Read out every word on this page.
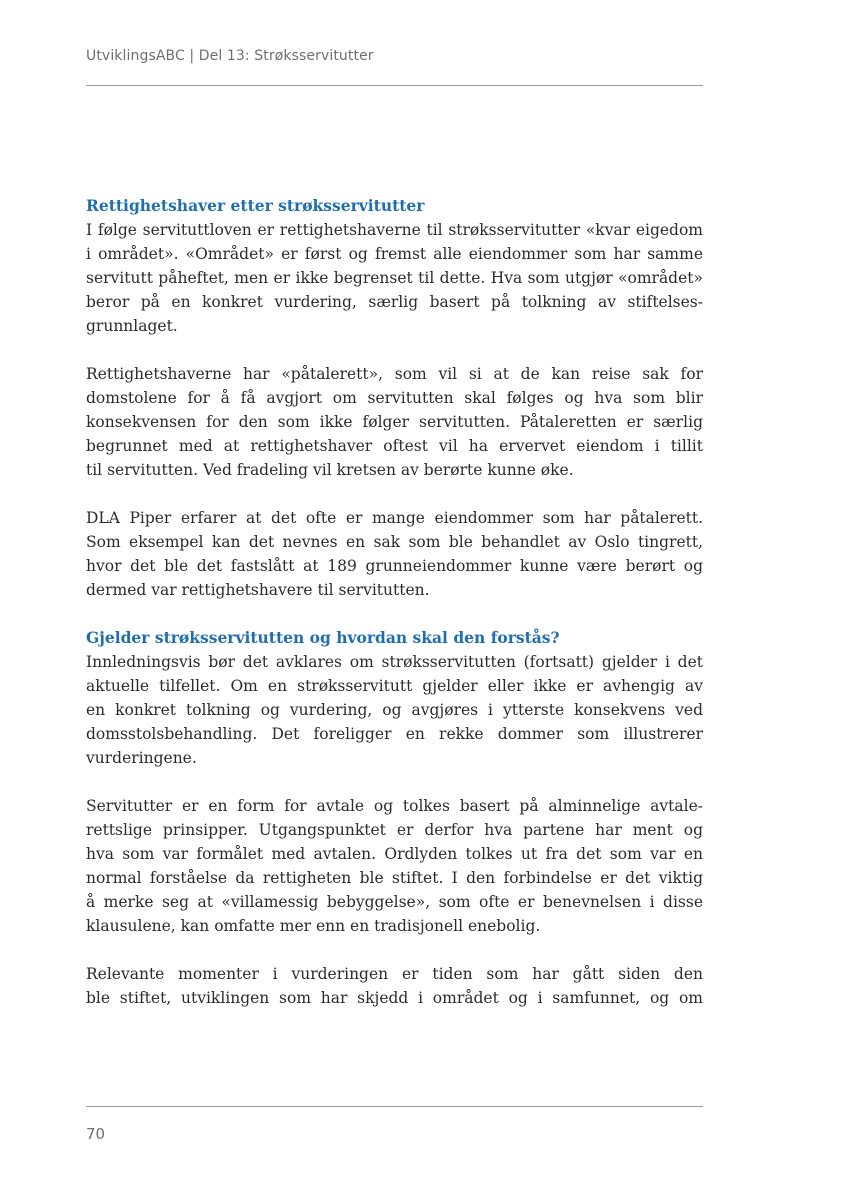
UtviklingsABC | Del 13: Strøksservitutter
Rettighetshaver etter strøksservitutter
I følge servituttloven er rettighetshaverne til strøksservitutter «kvar eigedom
i området». «Området» er først og fremst alle eiendommer som har samme
servitutt påheftet, men er ikke begrenset til dette. Hva som utgjør «området»
beror på en konkret vurdering, særlig basert på tolkning av stiftelses-
grunnlaget.
Rettighetshaverne har «påtalerett», som vil si at de kan reise sak for
domstolene for å få avgjort om servitutten skal følges og hva som blir
konsekvensen for den som ikke følger servitutten. Påtaleretten er særlig
begrunnet med at rettighetshaver oftest vil ha ervervet eiendom i tillit
til servitutten. Ved fradeling vil kretsen av berørte kunne øke.
DLA Piper erfarer at det ofte er mange eiendommer som har påtalerett.
Som eksempel kan det nevnes en sak som ble behandlet av Oslo tingrett,
hvor det ble det fastslått at 189 grunneiendommer kunne være berørt og
dermed var rettighetshavere til servitutten.
Gjelder strøksservitutten og hvordan skal den forstås?
Innledningsvis bør det avklares om strøksservitutten (fortsatt) gjelder i det
aktuelle tilfellet. Om en strøksservitutt gjelder eller ikke er avhengig av
en konkret tolkning og vurdering, og avgjøres i ytterste konsekvens ved
domsstolsbehandling. Det foreligger en rekke dommer som illustrerer
vurderingene.
Servitutter er en form for avtale og tolkes basert på alminnelige avtale-
rettslige prinsipper. Utgangspunktet er derfor hva partene har ment og
hva som var formålet med avtalen. Ordlyden tolkes ut fra det som var en
normal forståelse da rettigheten ble stiftet. I den forbindelse er det viktig
å merke seg at «villamessig bebyggelse», som ofte er benevnelsen i disse
klausulene, kan omfatte mer enn en tradisjonell enebolig.
Relevante momenter i vurderingen er tiden som har gått siden den
ble stiftet, utviklingen som har skjedd i området og i samfunnet, og om
70
